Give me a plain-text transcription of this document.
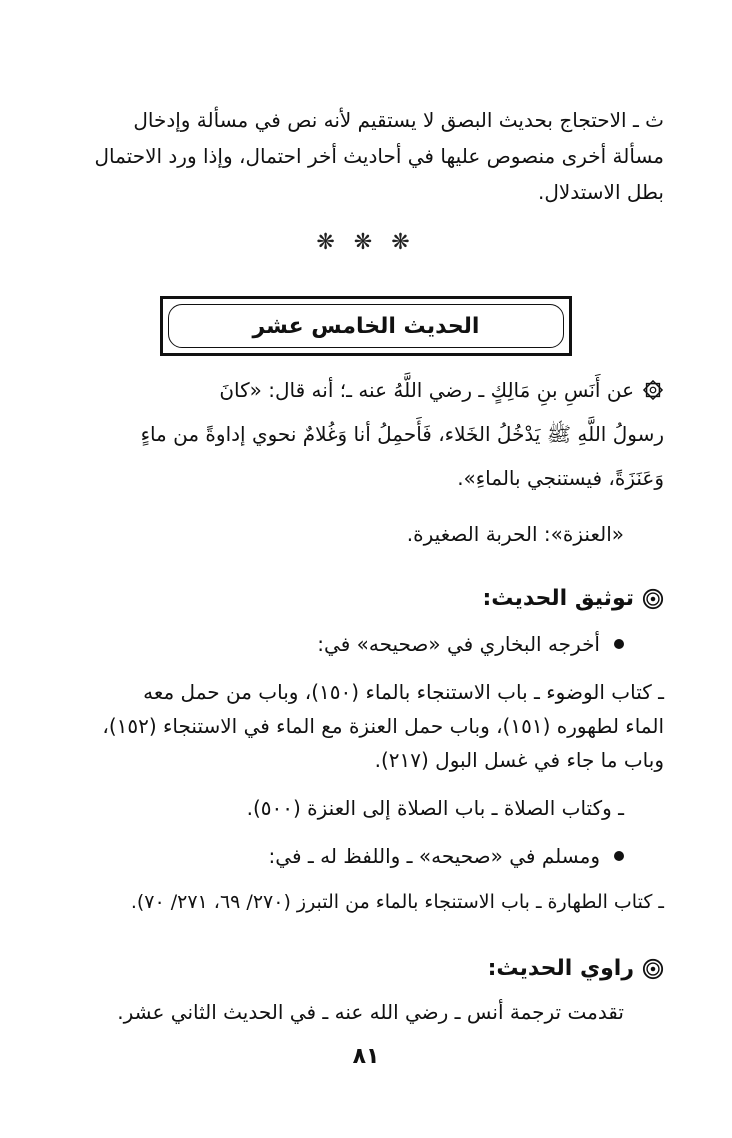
ث ـ الاحتجاج بحديث البصق لا يستقيم لأنه نص في مسألة وإدخال
مسألة أخرى منصوص عليها في أحاديث أخر احتمال، وإذا ورد الاحتمال
بطل الاستدلال.
❋ ❋ ❋
الحديث الخامس عشر
عن أَنَسِ بنِ مَالِكٍ ـ رضي اللَّهُ عنه ـ؛ أنه قال: «كانَ
رسولُ اللَّهِ ﷺ يَدْخُلُ الخَلاء، فَأَحمِلُ أنا وَغُلامٌ نحوي إداوةً من ماءٍ
وَعَنَزَةً، فيستنجي بالماءِ».
«العنزة»: الحربة الصغيرة.
توثيق الحديث:
أخرجه البخاري في «صحيحه» في:
ـ كتاب الوضوء ـ باب الاستنجاء بالماء (١٥٠)، وباب من حمل معه
الماء لطهوره (١٥١)، وباب حمل العنزة مع الماء في الاستنجاء (١٥٢)،
وباب ما جاء في غسل البول (٢١٧).
ـ وكتاب الصلاة ـ باب الصلاة إلى العنزة (٥٠٠).
ومسلم في «صحيحه» ـ واللفظ له ـ في:
ـ كتاب الطهارة ـ باب الاستنجاء بالماء من التبرز (٢٧٠/ ٦٩، ٢٧١/ ٧٠).
راوي الحديث:
تقدمت ترجمة أنس ـ رضي الله عنه ـ في الحديث الثاني عشر.
٨١
